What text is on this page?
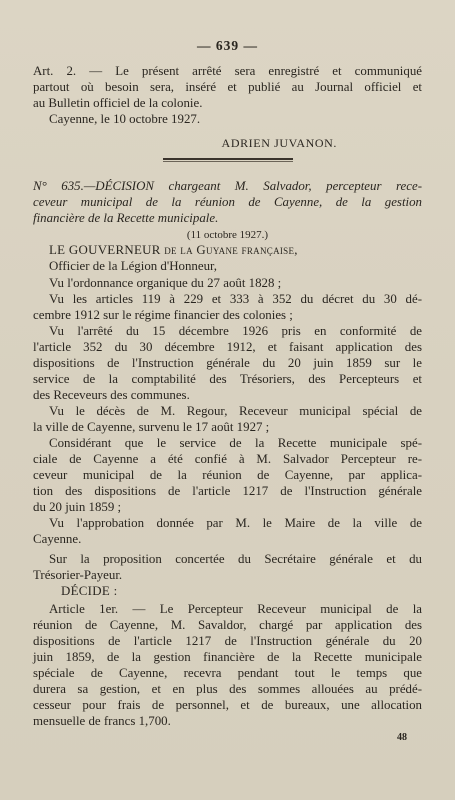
— 639 —
Art. 2. — Le présent arrêté sera enregistré et communiqué
partout où besoin sera, inséré et publié au Journal officiel et
au Bulletin officiel de la colonie.
Cayenne, le 10 octobre 1927.
ADRIEN JUVANON.
N° 635.—DÉCISION chargeant M. Salvador, percepteur rece-
ceveur municipal de la réunion de Cayenne, de la gestion
financière de la Recette municipale.
(11 octobre 1927.)
LE GOUVERNEUR de la Guyane française,
Officier de la Légion d'Honneur,
Vu l'ordonnance organique du 27 août 1828 ;
Vu les articles 119 à 229 et 333 à 352 du décret du 30 dé-
cembre 1912 sur le régime financier des colonies ;
Vu l'arrêté du 15 décembre 1926 pris en conformité de
l'article 352 du 30 décembre 1912, et faisant application des
dispositions de l'Instruction générale du 20 juin 1859 sur le
service de la comptabilité des Trésoriers, des Percepteurs et
des Receveurs des communes.
Vu le décès de M. Regour, Receveur municipal spécial de
la ville de Cayenne, survenu le 17 août 1927 ;
Considérant que le service de la Recette municipale spé-
ciale de Cayenne a été confié à M. Salvador Percepteur re-
ceveur municipal de la réunion de Cayenne, par applica-
tion des dispositions de l'article 1217 de l'Instruction générale
du 20 juin 1859 ;
Vu l'approbation donnée par M. le Maire de la ville de
Cayenne.
Sur la proposition concertée du Secrétaire générale et du
Trésorier-Payeur.
DÉCIDE :
Article 1er. — Le Percepteur Receveur municipal de la
réunion de Cayenne, M. Savaldor, chargé par application des
dispositions de l'article 1217 de l'Instruction générale du 20
juin 1859, de la gestion financière de la Recette municipale
spéciale de Cayenne, recevra pendant tout le temps que
durera sa gestion, et en plus des sommes allouées au prédé-
cesseur pour frais de personnel, et de bureaux, une allocation
mensuelle de francs 1,700.
48
